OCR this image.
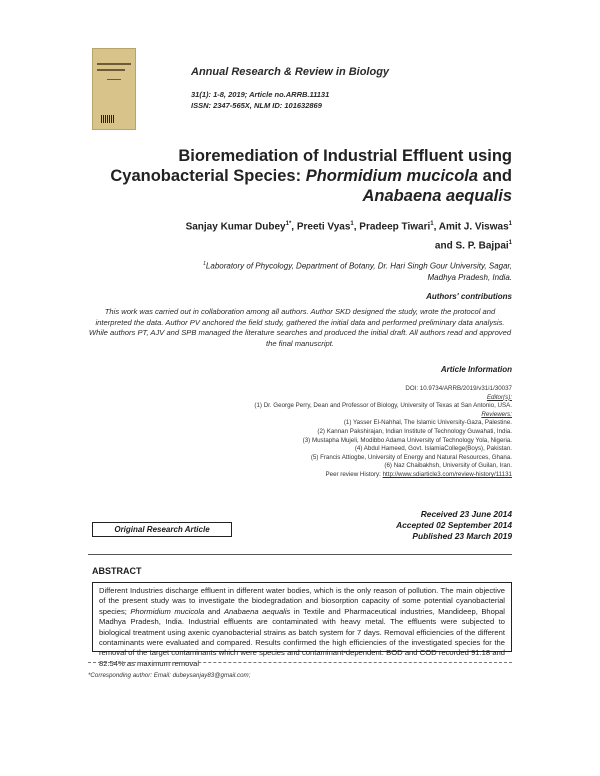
Annual Research & Review in Biology
31(1): 1-8, 2019; Article no.ARRB.11131
ISSN: 2347-565X, NLM ID: 101632869
Bioremediation of Industrial Effluent using
Cyanobacterial Species: Phormidium mucicola and
Anabaena aequalis
Sanjay Kumar Dubey$^{1*}$, Preeti Vyas$^1$, Pradeep Tiwari$^1$, Amit J. Viswas$^1$
and S. P. Bajpai$^1$
$^1$Laboratory of Phycology, Department of Botany, Dr. Hari Singh Gour University, Sagar,
Madhya Pradesh, India.
Authors' contributions
This work was carried out in collaboration among all authors. Author SKD designed the study, wrote the protocol and interpreted the data. Author PV anchored the field study, gathered the initial data and performed preliminary data analysis. While authors PT, AJV and SPB managed the literature searches and produced the initial draft. All authors read and approved the final manuscript.
Article Information
DOI: 10.9734/ARRB/2019/v31i1/30037
Editor(s):
(1) Dr. George Perry, Dean and Professor of Biology, University of Texas at San Antonio, USA.
Reviewers:
(1) Yasser El-Nahhal, The Islamic University-Gaza, Palestine.
(2) Kannan Pakshirajan, Indian Institute of Technology Guwahati, India.
(3) Mustapha Mujeli, Modibbo Adama University of Technology Yola, Nigeria.
(4) Abdul Hameed, Govt. IslamiaCollege(Boys), Pakistan.
(5) Francis Attiogbe, University of Energy and Natural Resources, Ghana.
(6) Naz Chaibakhsh, University of Guilan, Iran.
Peer review History: http://www.sdiarticle3.com/review-history/11131
Received 23 June 2014
Accepted 02 September 2014
Published 23 March 2019
Original Research Article
ABSTRACT

Different Industries discharge effluent in different water bodies, which is the only reason of pollution. The main objective of the present study was to investigate the biodegradation and biosorption capacity of some potential cyanobacterial species; Phormidium mucicola and Anabaena aequalis in Textile and Pharmaceutical industries, Mandideep, Bhopal Madhya Pradesh, India. Industrial effluents are contaminated with heavy metal. The effluents were subjected to biological treatment using axenic cyanobacterial strains as batch system for 7 days. Removal efficiencies of the different contaminants were evaluated and compared. Results confirmed the high efficiencies of the investigated species for the removal of the target contaminants which were species and contaminant-dependent. BOD and COD recorded 91.18 and 82.54% as maximum removal

*Corresponding author: Email: dubeysanjay83@gmail.com;
